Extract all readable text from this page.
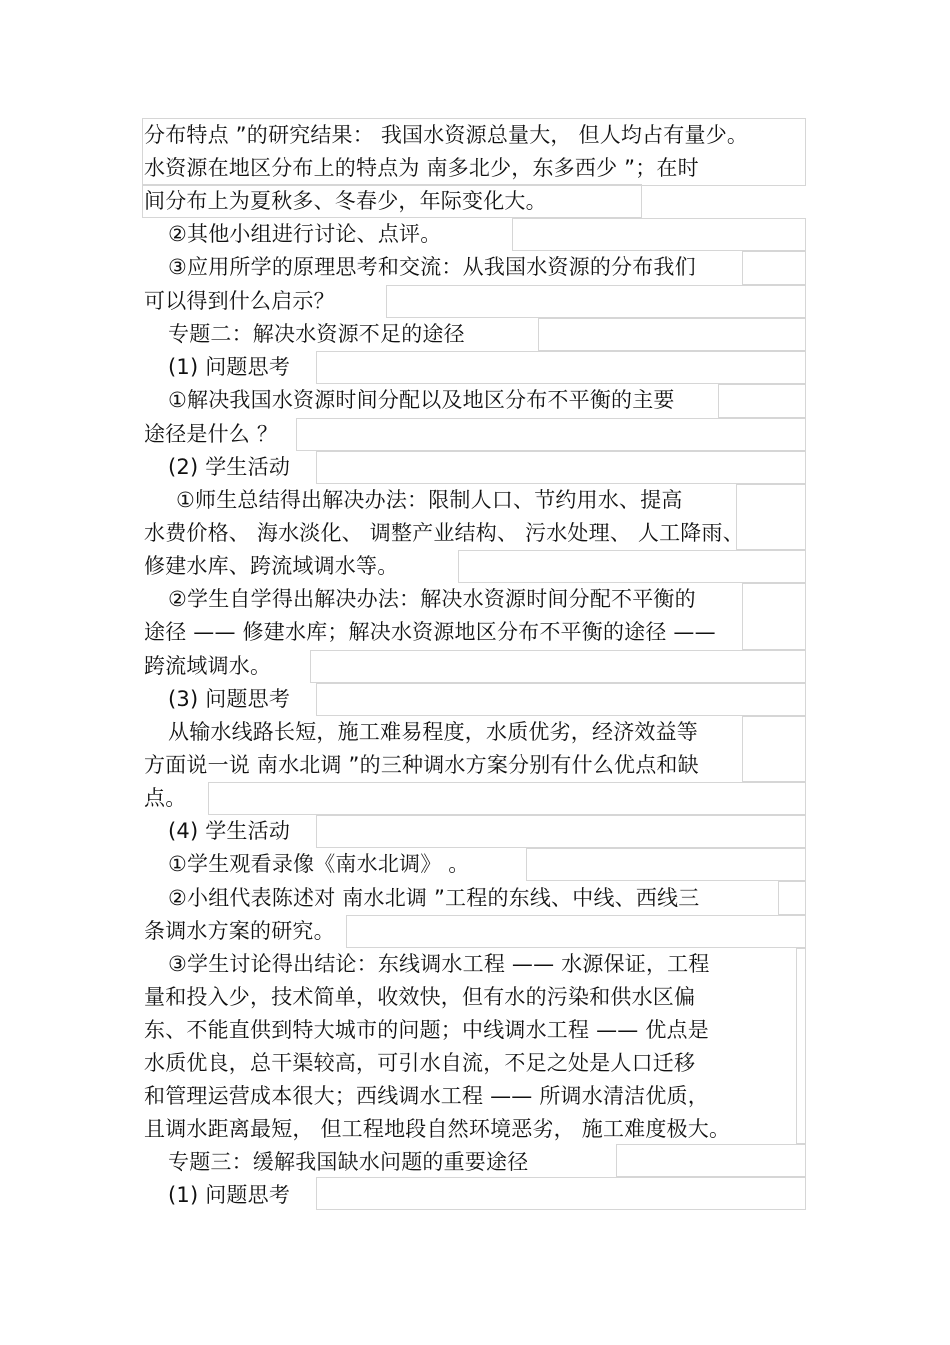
分布特点 ”的研究结果： 我国水资源总量大， 但人均占有量少。
水资源在地区分布上的特点为 南多北少，东多西少 ”；在时
间分布上为夏秋多、冬春少，年际变化大。
②其他小组进行讨论、点评。
③应用所学的原理思考和交流：从我国水资源的分布我们
可以得到什么启示？
专题二：解决水资源不足的途径
(1) 问题思考
①解决我国水资源时间分配以及地区分布不平衡的主要
途径是什么 ？
(2) 学生活动
①师生总结得出解决办法：限制人口、节约用水、提高
水费价格、 海水淡化、 调整产业结构、 污水处理、 人工降雨、
修建水库、跨流域调水等。
②学生自学得出解决办法：解决水资源时间分配不平衡的
途径 —— 修建水库；解决水资源地区分布不平衡的途径 ——
跨流域调水。
(3) 问题思考
从输水线路长短，施工难易程度，水质优劣，经济效益等
方面说一说 南水北调 ”的三种调水方案分别有什么优点和缺
点。
(4) 学生活动
①学生观看录像《南水北调》 。
②小组代表陈述对 南水北调 ”工程的东线、中线、西线三
条调水方案的研究。
③学生讨论得出结论：东线调水工程 —— 水源保证，工程
量和投入少，技术简单，收效快，但有水的污染和供水区偏
东、不能直供到特大城市的问题；中线调水工程 —— 优点是
水质优良，总干渠较高，可引水自流，不足之处是人口迁移
和管理运营成本很大；西线调水工程 —— 所调水清洁优质，
且调水距离最短， 但工程地段自然环境恶劣， 施工难度极大。
专题三：缓解我国缺水问题的重要途径
(1) 问题思考
